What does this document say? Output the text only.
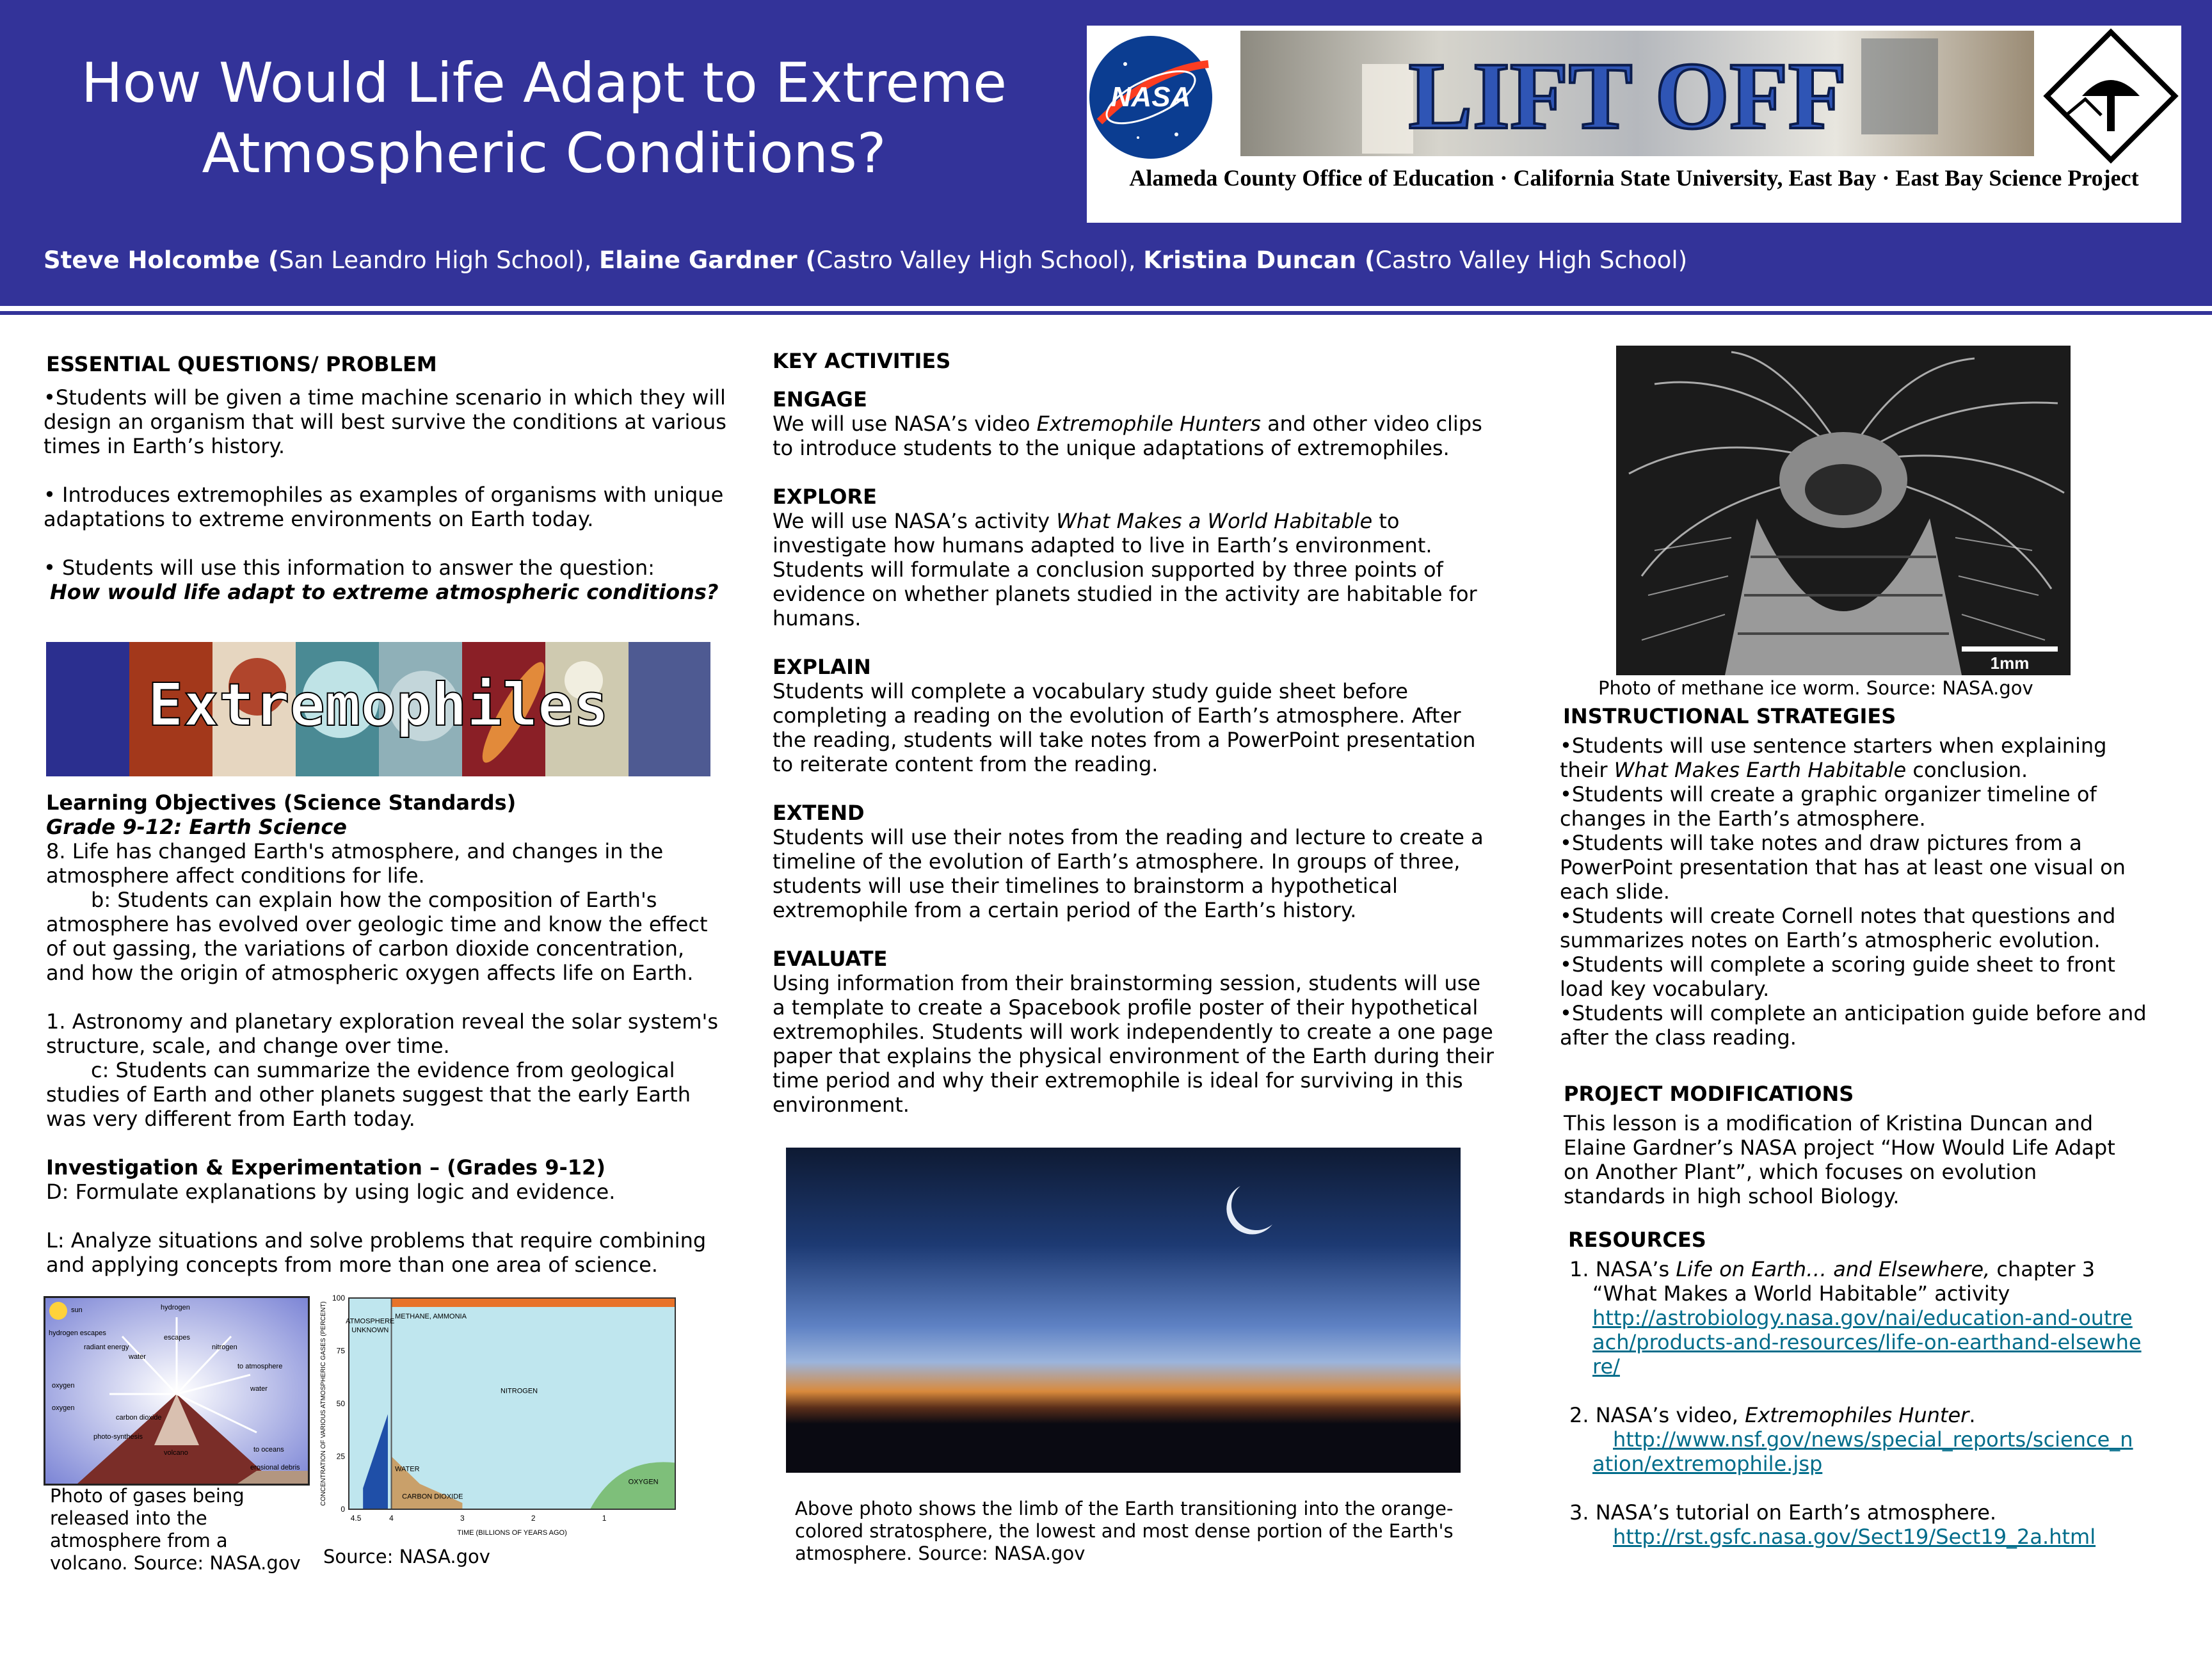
How Would Life Adapt to Extreme Atmospheric Conditions?
Steve Holcombe (San Leandro High School), Elaine Gardner (Castro Valley High School), Kristina Duncan (Castro Valley High School)
NASA LIFT OFF
Alameda County Office of Education · California State University, East Bay · East Bay Science Project
ESSENTIAL QUESTIONS/ PROBLEM

•Students will be given a time machine scenario in which they will design an organism that will best survive the conditions at various times in Earth’s history.

• Introduces extremophiles as examples of organisms with unique adaptations to extreme environments on Earth today.

• Students will use this information to answer the question:

How would life adapt to extreme atmospheric conditions?

Extremophiles

Learning Objectives (Science Standards)

Grade 9-12: Earth Science

8. Life has changed Earth's atmosphere, and changes in the atmosphere affect conditions for life.

b: Students can explain how the composition of Earth's atmosphere has evolved over geologic time and know the effect of out gassing, the variations of carbon dioxide concentration, and how the origin of atmospheric oxygen affects life on Earth.

1. Astronomy and planetary exploration reveal the solar system's structure, scale, and change over time.

c: Students can summarize the evidence from geological studies of Earth and other planets suggest that the early Earth was very different from Earth today.

Investigation & Experimentation – (Grades 9-12)

D: Formulate explanations by using logic and evidence.

L: Analyze situations and solve problems that require combining and applying concepts from more than one area of science.

sun	hydrogen
hydrogen escapes
radiant energy
water
escapes
nitrogen
to atmosphere
water
carbon dioxide
oxygen
oxygen
photo-synthesis
volcano	to oceans
erosional debris
Photo of gases being released into the atmosphere from a volcano. Source: NASA.gov
100
75
50
25
0
4.5	4	3	2	1
CONCENTRATION OF VARIOUS ATMOSPHERIC GASES (PERCENT)
TIME (BILLIONS OF YEARS AGO)
METHANE, AMMONIA
ATMOSPHERE
UNKNOWN
NITROGEN
WATER
CARBON DIOXIDE
OXYGEN
Source: NASA.gov

KEY ACTIVITIES

ENGAGE

We will use NASA’s video Extremophile Hunters and other video clips to introduce students to the unique adaptations of extremophiles.

EXPLORE

We will use NASA’s activity What Makes a World Habitable to investigate how humans adapted to live in Earth’s environment. Students will formulate a conclusion supported by three points of evidence on whether planets studied in the activity are habitable for humans.

EXPLAIN

Students will complete a vocabulary study guide sheet before completing a reading on the evolution of Earth’s atmosphere. After the reading, students will take notes from a PowerPoint presentation to reiterate content from the reading.

EXTEND

Students will use their notes from the reading and lecture to create a timeline of the evolution of Earth’s atmosphere. In groups of three, students will use their timelines to brainstorm a hypothetical extremophile from a certain period of the Earth’s history.

EVALUATE

Using information from their brainstorming session, students will use a template to create a Spacebook profile poster of their hypothetical extremophiles. Students will work independently to create a one page paper that explains the physical environment of the Earth during their time period and why their extremophile is ideal for surviving in this environment.

Above photo shows the limb of the Earth transitioning into the orange-colored stratosphere, the lowest and most dense portion of the Earth's atmosphere. Source: NASA.gov
1mm
Photo of methane ice worm. Source: NASA.gov

INSTRUCTIONAL STRATEGIES

•Students will use sentence starters when explaining their What Makes Earth Habitable conclusion.

•Students will create a graphic organizer timeline of changes in the Earth’s atmosphere.

•Students will take notes and draw pictures from a PowerPoint presentation that has at least one visual on each slide.

•Students will create Cornell notes that questions and summarizes notes on Earth’s atmospheric evolution.

•Students will complete a scoring guide sheet to front load key vocabulary.

•Students will complete an anticipation guide before and after the class reading.

PROJECT MODIFICATIONS

This lesson is a modification of Kristina Duncan and Elaine Gardner’s NASA project “How Would Life Adapt on Another Plant”, which focuses on evolution standards in high school Biology.

RESOURCES

1. NASA’s Life on Earth… and Elsewhere, chapter 3

“What Makes a World Habitable” activity

http://astrobiology.nasa.gov/nai/education-and-outreach/products-and-resources/life-on-earthand-elsewhere/

2. NASA’s video, Extremophiles Hunter.

http://www.nsf.gov/news/special_reports/science_nation/extremophile.jsp

3. NASA’s tutorial on Earth’s atmosphere.

http://rst.gsfc.nasa.gov/Sect19/Sect19_2a.html
